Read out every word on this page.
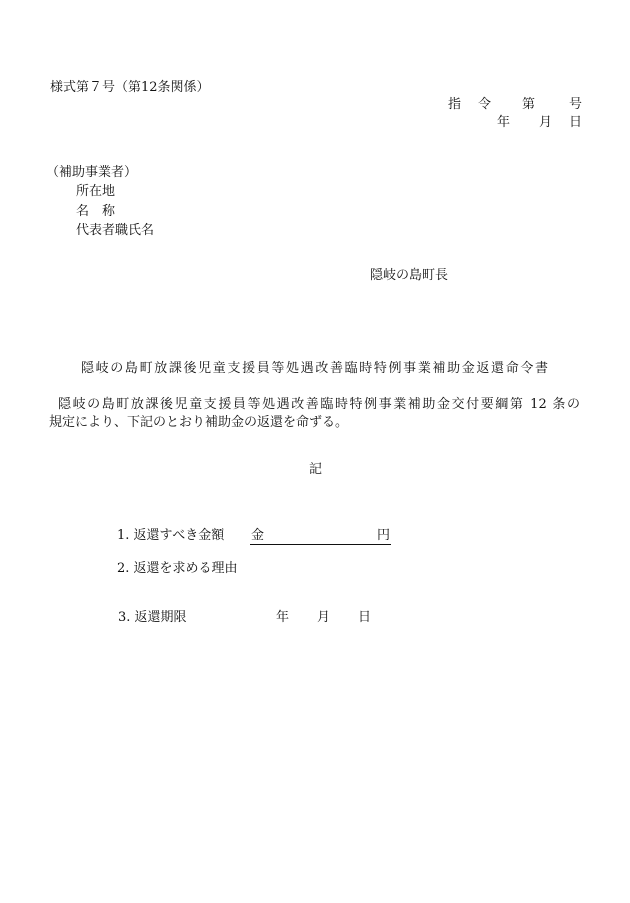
様式第７号（第12条関係）
指 令 第	号
年 月 日
（補助事業者）
所在地
名　称
代表者職氏名
隠岐の島町長
隠岐の島町放課後児童支援員等処遇改善臨時特例事業補助金返還命令書
隠岐の島町放課後児童支援員等処遇改善臨時特例事業補助金交付要綱第 12 条の
規定により、下記のとおり補助金の返還を命ずる。
記
1. 返還すべき金額 金	円
2. 返還を求める理由
3. 返還期限	年 月 日
